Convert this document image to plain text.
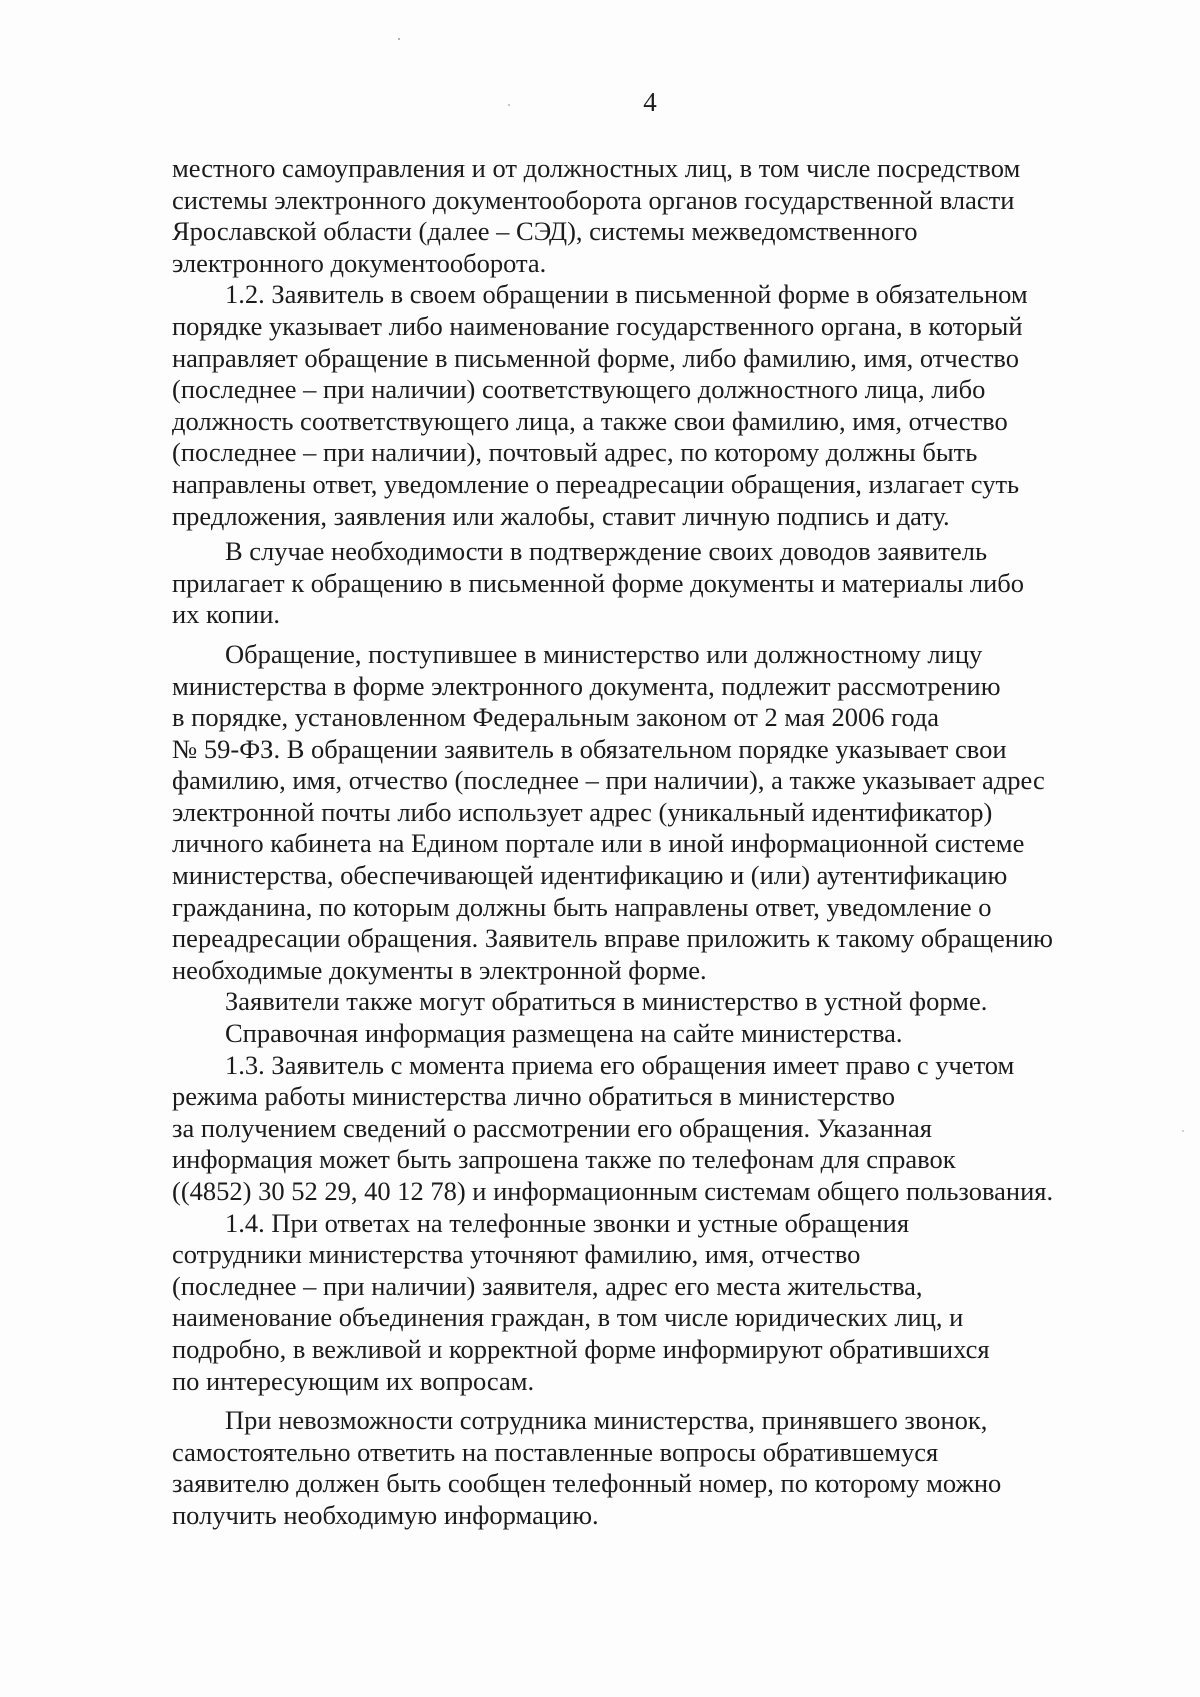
4

местного самоуправления и от должностных лиц, в том числе посредством
системы электронного документооборота органов государственной власти
Ярославской области (далее – СЭД), системы межведомственного
электронного документооборота.

  1.2. Заявитель в своем обращении в письменной форме в обязательном
порядке указывает либо наименование государственного органа, в который
направляет обращение в письменной форме, либо фамилию, имя, отчество
(последнее – при наличии) соответствующего должностного лица, либо
должность соответствующего лица, а также свои фамилию, имя, отчество
(последнее – при наличии), почтовый адрес, по которому должны быть
направлены ответ, уведомление о переадресации обращения, излагает суть
предложения, заявления или жалобы, ставит личную подпись и дату.

  В случае необходимости в подтверждение своих доводов заявитель
прилагает к обращению в письменной форме документы и материалы либо
их копии.

  Обращение, поступившее в министерство или должностному лицу
министерства в форме электронного документа, подлежит рассмотрению
в порядке, установленном Федеральным законом от 2 мая 2006 года
№ 59-ФЗ. В обращении заявитель в обязательном порядке указывает свои
фамилию, имя, отчество (последнее – при наличии), а также указывает адрес
электронной почты либо использует адрес (уникальный идентификатор)
личного кабинета на Едином портале или в иной информационной системе
министерства, обеспечивающей идентификацию и (или) аутентификацию
гражданина, по которым должны быть направлены ответ, уведомление о
переадресации обращения. Заявитель вправе приложить к такому обращению
необходимые документы в электронной форме.

  Заявители также могут обратиться в министерство в устной форме.

  Справочная информация размещена на сайте министерства.

  1.3. Заявитель с момента приема его обращения имеет право с учетом
режима работы министерства лично обратиться в министерство
за получением сведений о рассмотрении его обращения. Указанная
информация может быть запрошена также по телефонам для справок
((4852) 30 52 29, 40 12 78) и информационным системам общего пользования.

  1.4. При ответах на телефонные звонки и устные обращения
сотрудники министерства уточняют фамилию, имя, отчество
(последнее – при наличии) заявителя, адрес его места жительства,
наименование объединения граждан, в том числе юридических лиц, и
подробно, в вежливой и корректной форме информируют обратившихся
по интересующим их вопросам.

  При невозможности сотрудника министерства, принявшего звонок,
самостоятельно ответить на поставленные вопросы обратившемуся
заявителю должен быть сообщен телефонный номер, по которому можно
получить необходимую информацию.
